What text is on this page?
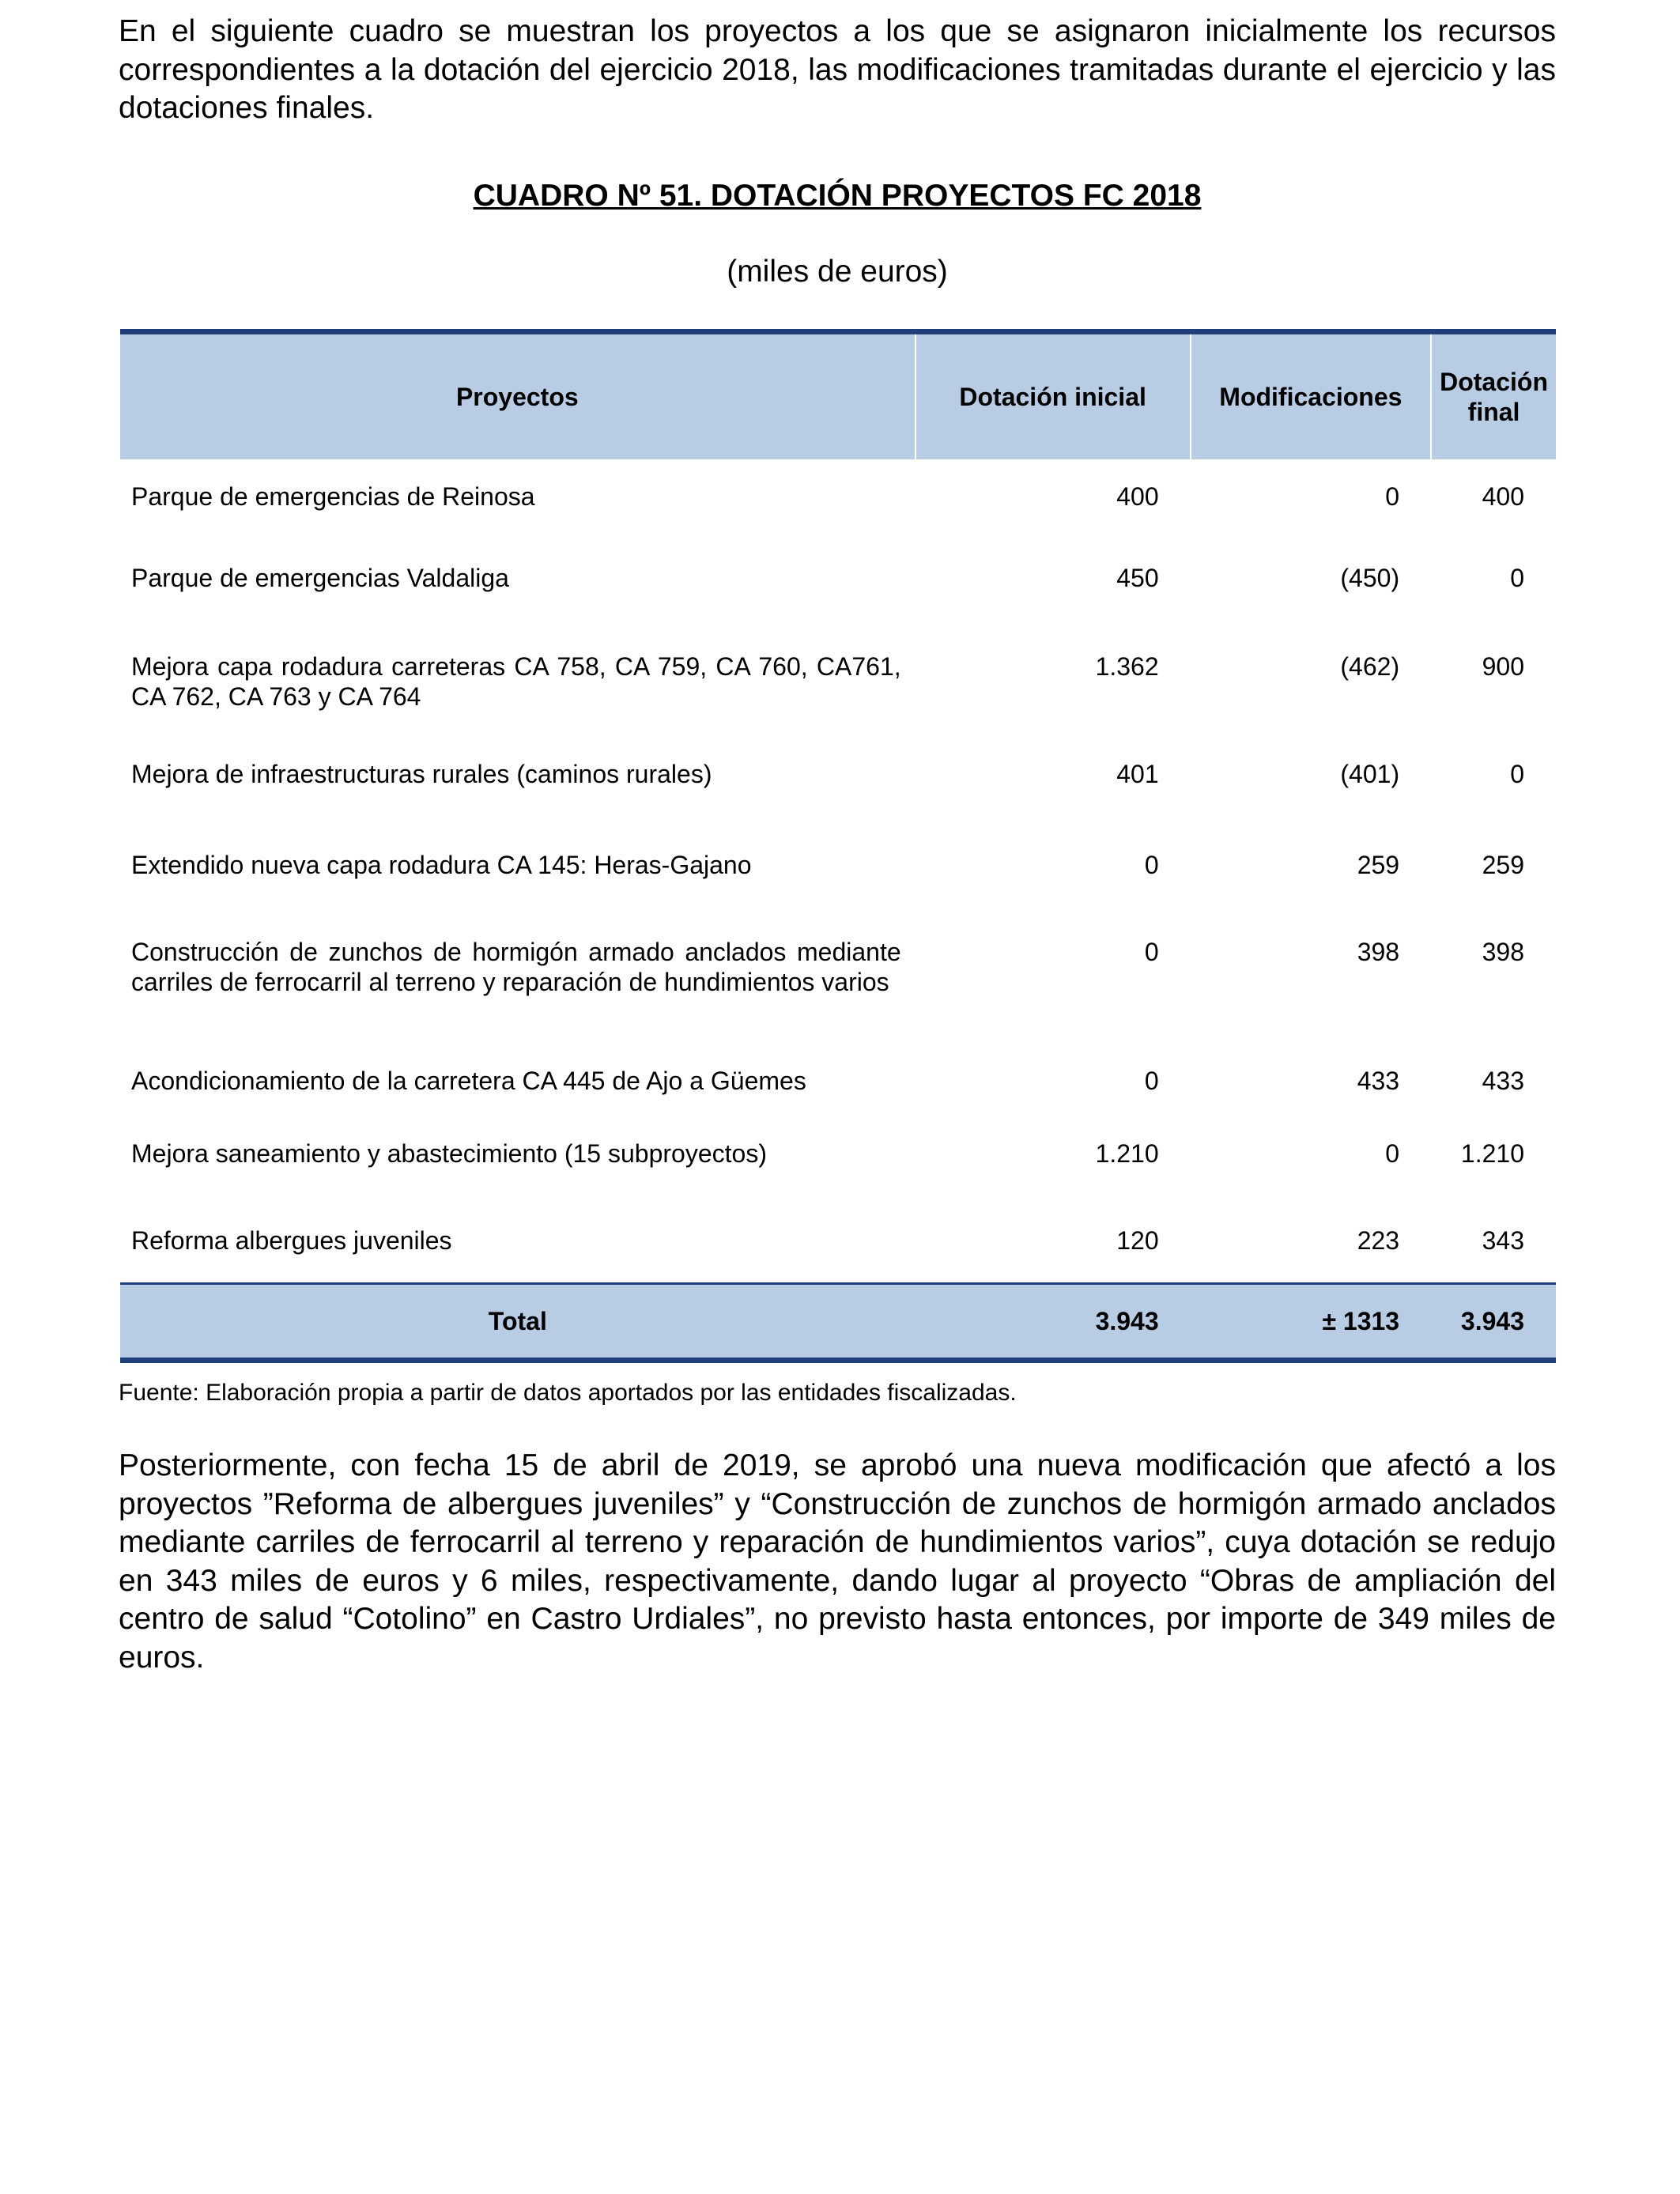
En el siguiente cuadro se muestran los proyectos a los que se asignaron inicialmente los recursos correspondientes a la dotación del ejercicio 2018, las modificaciones tramitadas durante el ejercicio y las dotaciones finales.

CUADRO Nº 51. DOTACIÓN PROYECTOS FC 2018

(miles de euros)

Proyectos	Dotación inicial	Modificaciones	Dotación final
Parque de emergencias de Reinosa	400	0	400
Parque de emergencias Valdaliga	450	(450)	0
Mejora capa rodadura carreteras CA 758, CA 759, CA 760, CA761, CA 762, CA 763 y CA 764	1.362	(462)	900
Mejora de infraestructuras rurales (caminos rurales)	401	(401)	0
Extendido nueva capa rodadura CA 145: Heras-Gajano	0	259	259
Construcción de zunchos de hormigón armado anclados mediante carriles de ferrocarril al terreno y reparación de hundimientos varios	0	398	398
Acondicionamiento de la carretera CA 445 de Ajo a Güemes	0	433	433
Mejora saneamiento y abastecimiento (15 subproyectos)	1.210	0	1.210
Reforma albergues juveniles	120	223	343
Total	3.943	± 1313	3.943

Fuente: Elaboración propia a partir de datos aportados por las entidades fiscalizadas.

Posteriormente, con fecha 15 de abril de 2019, se aprobó una nueva modificación que afectó a los proyectos ”Reforma de albergues juveniles” y “Construcción de zunchos de hormigón armado anclados mediante carriles de ferrocarril al terreno y reparación de hundimientos varios”, cuya dotación se redujo en 343 miles de euros y 6 miles, respectivamente, dando lugar al proyecto “Obras de ampliación del centro de salud “Cotolino” en Castro Urdiales”, no previsto hasta entonces, por importe de 349 miles de euros.
